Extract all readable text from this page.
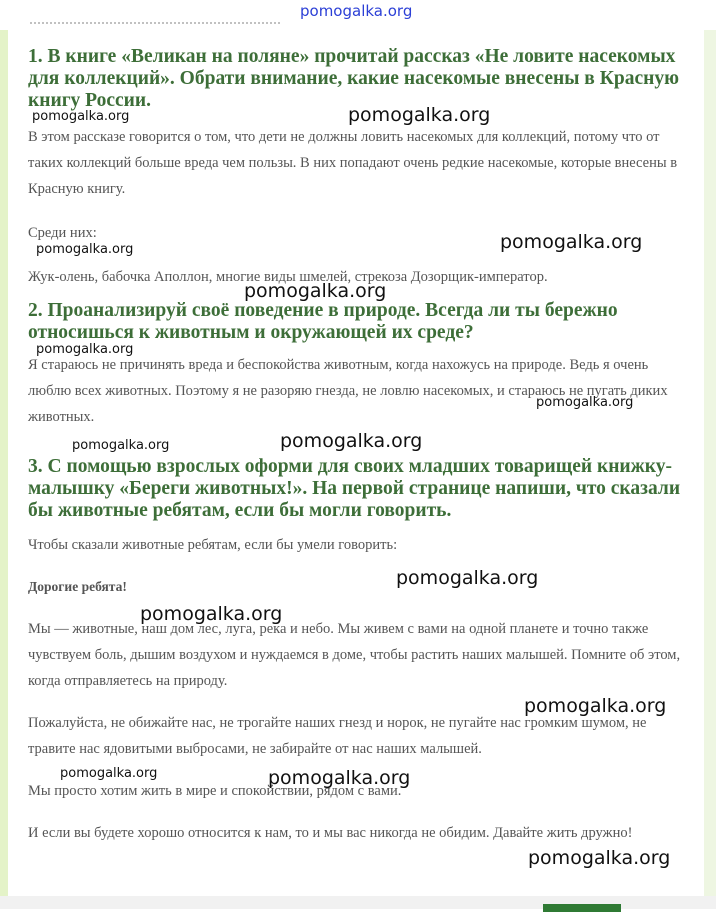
1. В книге «Великан на поляне» прочитай рассказ «Не ловите насекомых для коллекций». Обрати внимание, какие насекомые внесены в Красную книгу России.

В этом рассказе говорится о том, что дети не должны ловить насекомых для коллекций, потому что от таких коллекций больше вреда чем пользы. В них попадают очень редкие насекомые, которые внесены в Красную книгу.

Среди них:

Жук-олень, бабочка Аполлон, многие виды шмелей, стрекоза Дозорщик-император.

2. Проанализируй своё поведение в природе. Всегда ли ты бережно относишься к животным и окружающей их среде?

Я стараюсь не причинять вреда и беспокойства животным, когда нахожусь на природе. Ведь я очень люблю всех животных. Поэтому я не разоряю гнезда, не ловлю насекомых, и стараюсь не пугать диких животных.

3. С помощью взрослых оформи для своих младших товарищей книжку-малышку «Береги животных!». На первой странице напиши, что сказали бы животные ребятам, если бы могли говорить.

Чтобы сказали животные ребятам, если бы умели говорить:

Дорогие ребята!

Мы — животные, наш дом лес, луга, река и небо. Мы живем с вами на одной планете и точно также чувствуем боль, дышим воздухом и нуждаемся в доме, чтобы растить наших малышей. Помните об этом, когда отправляетесь на природу.

Пожалуйста, не обижайте нас, не трогайте наших гнезд и норок, не пугайте нас громким шумом, не травите нас ядовитыми выбросами, не забирайте от нас наших малышей.

Мы просто хотим жить в мире и спокойствии, рядом с вами.

И если вы будете хорошо относится к нам, то и мы вас никогда не обидим. Давайте жить дружно!

pomogalka.org
pomogalka.org	pomogalka.org
pomogalka.org	pomogalka.org
pomogalka.org
pomogalka.org
pomogalka.org
pomogalka.org	pomogalka.org
pomogalka.org
pomogalka.org
pomogalka.org
pomogalka.org	pomogalka.org
pomogalka.org
